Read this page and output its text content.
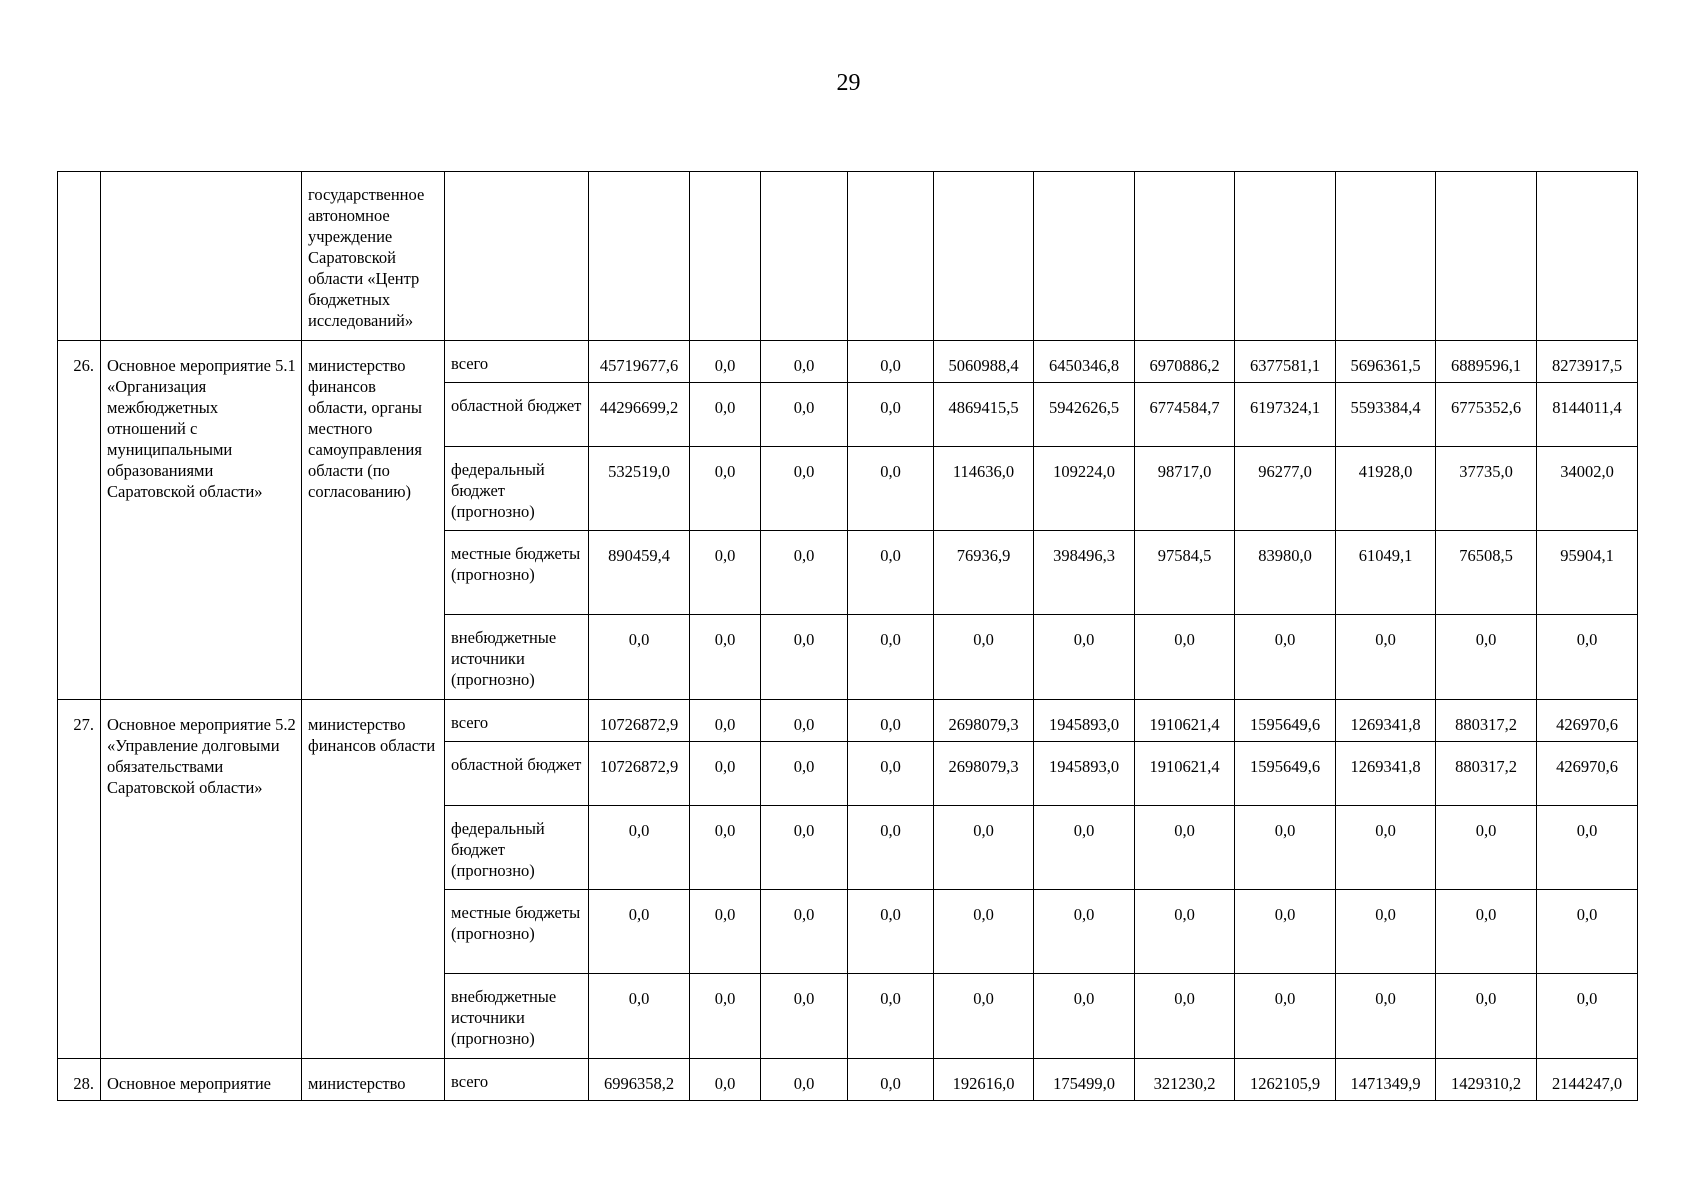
29
		государственное автономное учреждение Саратовской области «Центр бюджетных исследований»												
26.	Основное мероприятие 5.1 «Организация межбюджетных отношений с муниципальными образованиями Саратовской области»	министерство финансов области, органы местного самоуправления области (по согласованию)	всего	45719677,6	0,0	0,0	0,0	5060988,4	6450346,8	6970886,2	6377581,1	5696361,5	6889596,1	8273917,5
			областной бюджет	44296699,2	0,0	0,0	0,0	4869415,5	5942626,5	6774584,7	6197324,1	5593384,4	6775352,6	8144011,4
			федеральный бюджет (прогнозно)	532519,0	0,0	0,0	0,0	114636,0	109224,0	98717,0	96277,0	41928,0	37735,0	34002,0
			местные бюджеты (прогнозно)	890459,4	0,0	0,0	0,0	76936,9	398496,3	97584,5	83980,0	61049,1	76508,5	95904,1
			внебюджетные источники (прогнозно)	0,0	0,0	0,0	0,0	0,0	0,0	0,0	0,0	0,0	0,0	0,0
27.	Основное мероприятие 5.2 «Управление долговыми обязательствами Саратовской области»	министерство финансов области	всего	10726872,9	0,0	0,0	0,0	2698079,3	1945893,0	1910621,4	1595649,6	1269341,8	880317,2	426970,6
			областной бюджет	10726872,9	0,0	0,0	0,0	2698079,3	1945893,0	1910621,4	1595649,6	1269341,8	880317,2	426970,6
			федеральный бюджет (прогнозно)	0,0	0,0	0,0	0,0	0,0	0,0	0,0	0,0	0,0	0,0	0,0
			местные бюджеты (прогнозно)	0,0	0,0	0,0	0,0	0,0	0,0	0,0	0,0	0,0	0,0	0,0
			внебюджетные источники (прогнозно)	0,0	0,0	0,0	0,0	0,0	0,0	0,0	0,0	0,0	0,0	0,0
28.	Основное мероприятие	министерство	всего	6996358,2	0,0	0,0	0,0	192616,0	175499,0	321230,2	1262105,9	1471349,9	1429310,2	2144247,0
